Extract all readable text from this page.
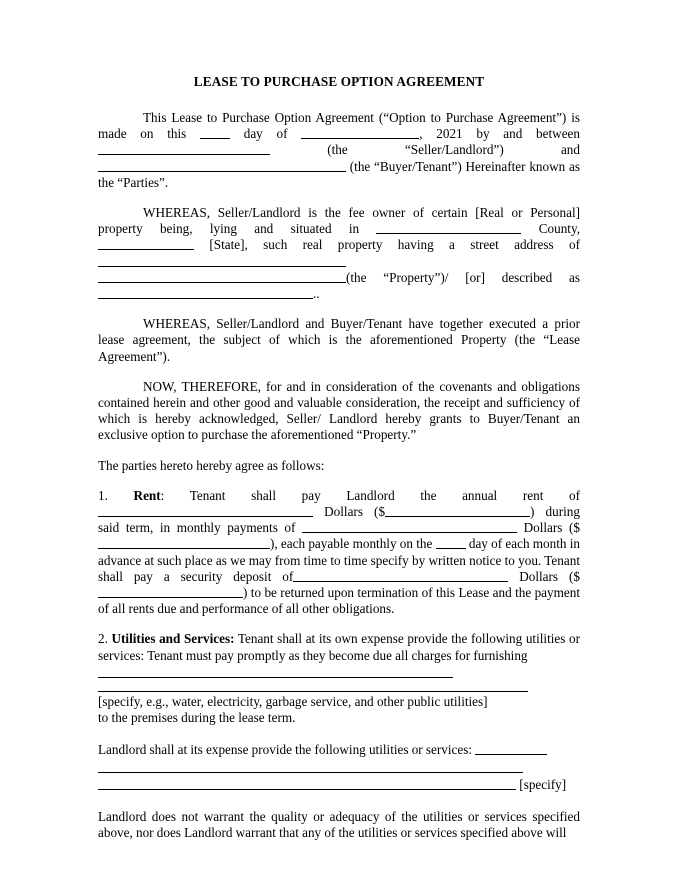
LEASE TO PURCHASE OPTION AGREEMENT

This Lease to Purchase Option Agreement (“Option to Purchase Agreement”) is made on this	day of	, 2021 by and between  (the “Seller/Landlord”) and  (the “Buyer/Tenant”) Hereinafter known as the “Parties”.

WHEREAS, Seller/Landlord is the fee owner of certain [Real or Personal] property being, lying and situated in	County,  [State], such real property having a street address of (the “Property”)/ [or] described as..

WHEREAS, Seller/Landlord and Buyer/Tenant have together executed a prior lease agreement, the subject of which is the aforementioned Property (the “Lease Agreement”).

NOW, THEREFORE, for and in consideration of the covenants and obligations contained herein and other good and valuable consideration, the receipt and sufficiency of which is hereby acknowledged, Seller/ Landlord hereby grants to Buyer/Tenant an exclusive option to purchase the aforementioned “Property.”

The parties hereto hereby agree as follows:

1. Rent: Tenant shall pay Landlord the annual rent of Dollars ($	) during said term, in monthly payments of	Dollars ($), each payable monthly on the	day of each month in advance at such place as we may from time to time specify by written notice to you. Tenant shall pay a security deposit of	Dollars ($) to be returned upon termination of this Lease and the payment of all rents due and performance of all other obligations.

2. Utilities and Services: Tenant shall at its own expense provide the following utilities or services: Tenant must pay promptly as they become due all charges for furnishing

[specify, e.g., water, electricity, garbage service, and other public utilities]

to the premises during the lease term.

Landlord shall at its expense provide the following utilities or services:

[specify]

Landlord does not warrant the quality or adequacy of the utilities or services specified above, nor does Landlord warrant that any of the utilities or services specified above will
